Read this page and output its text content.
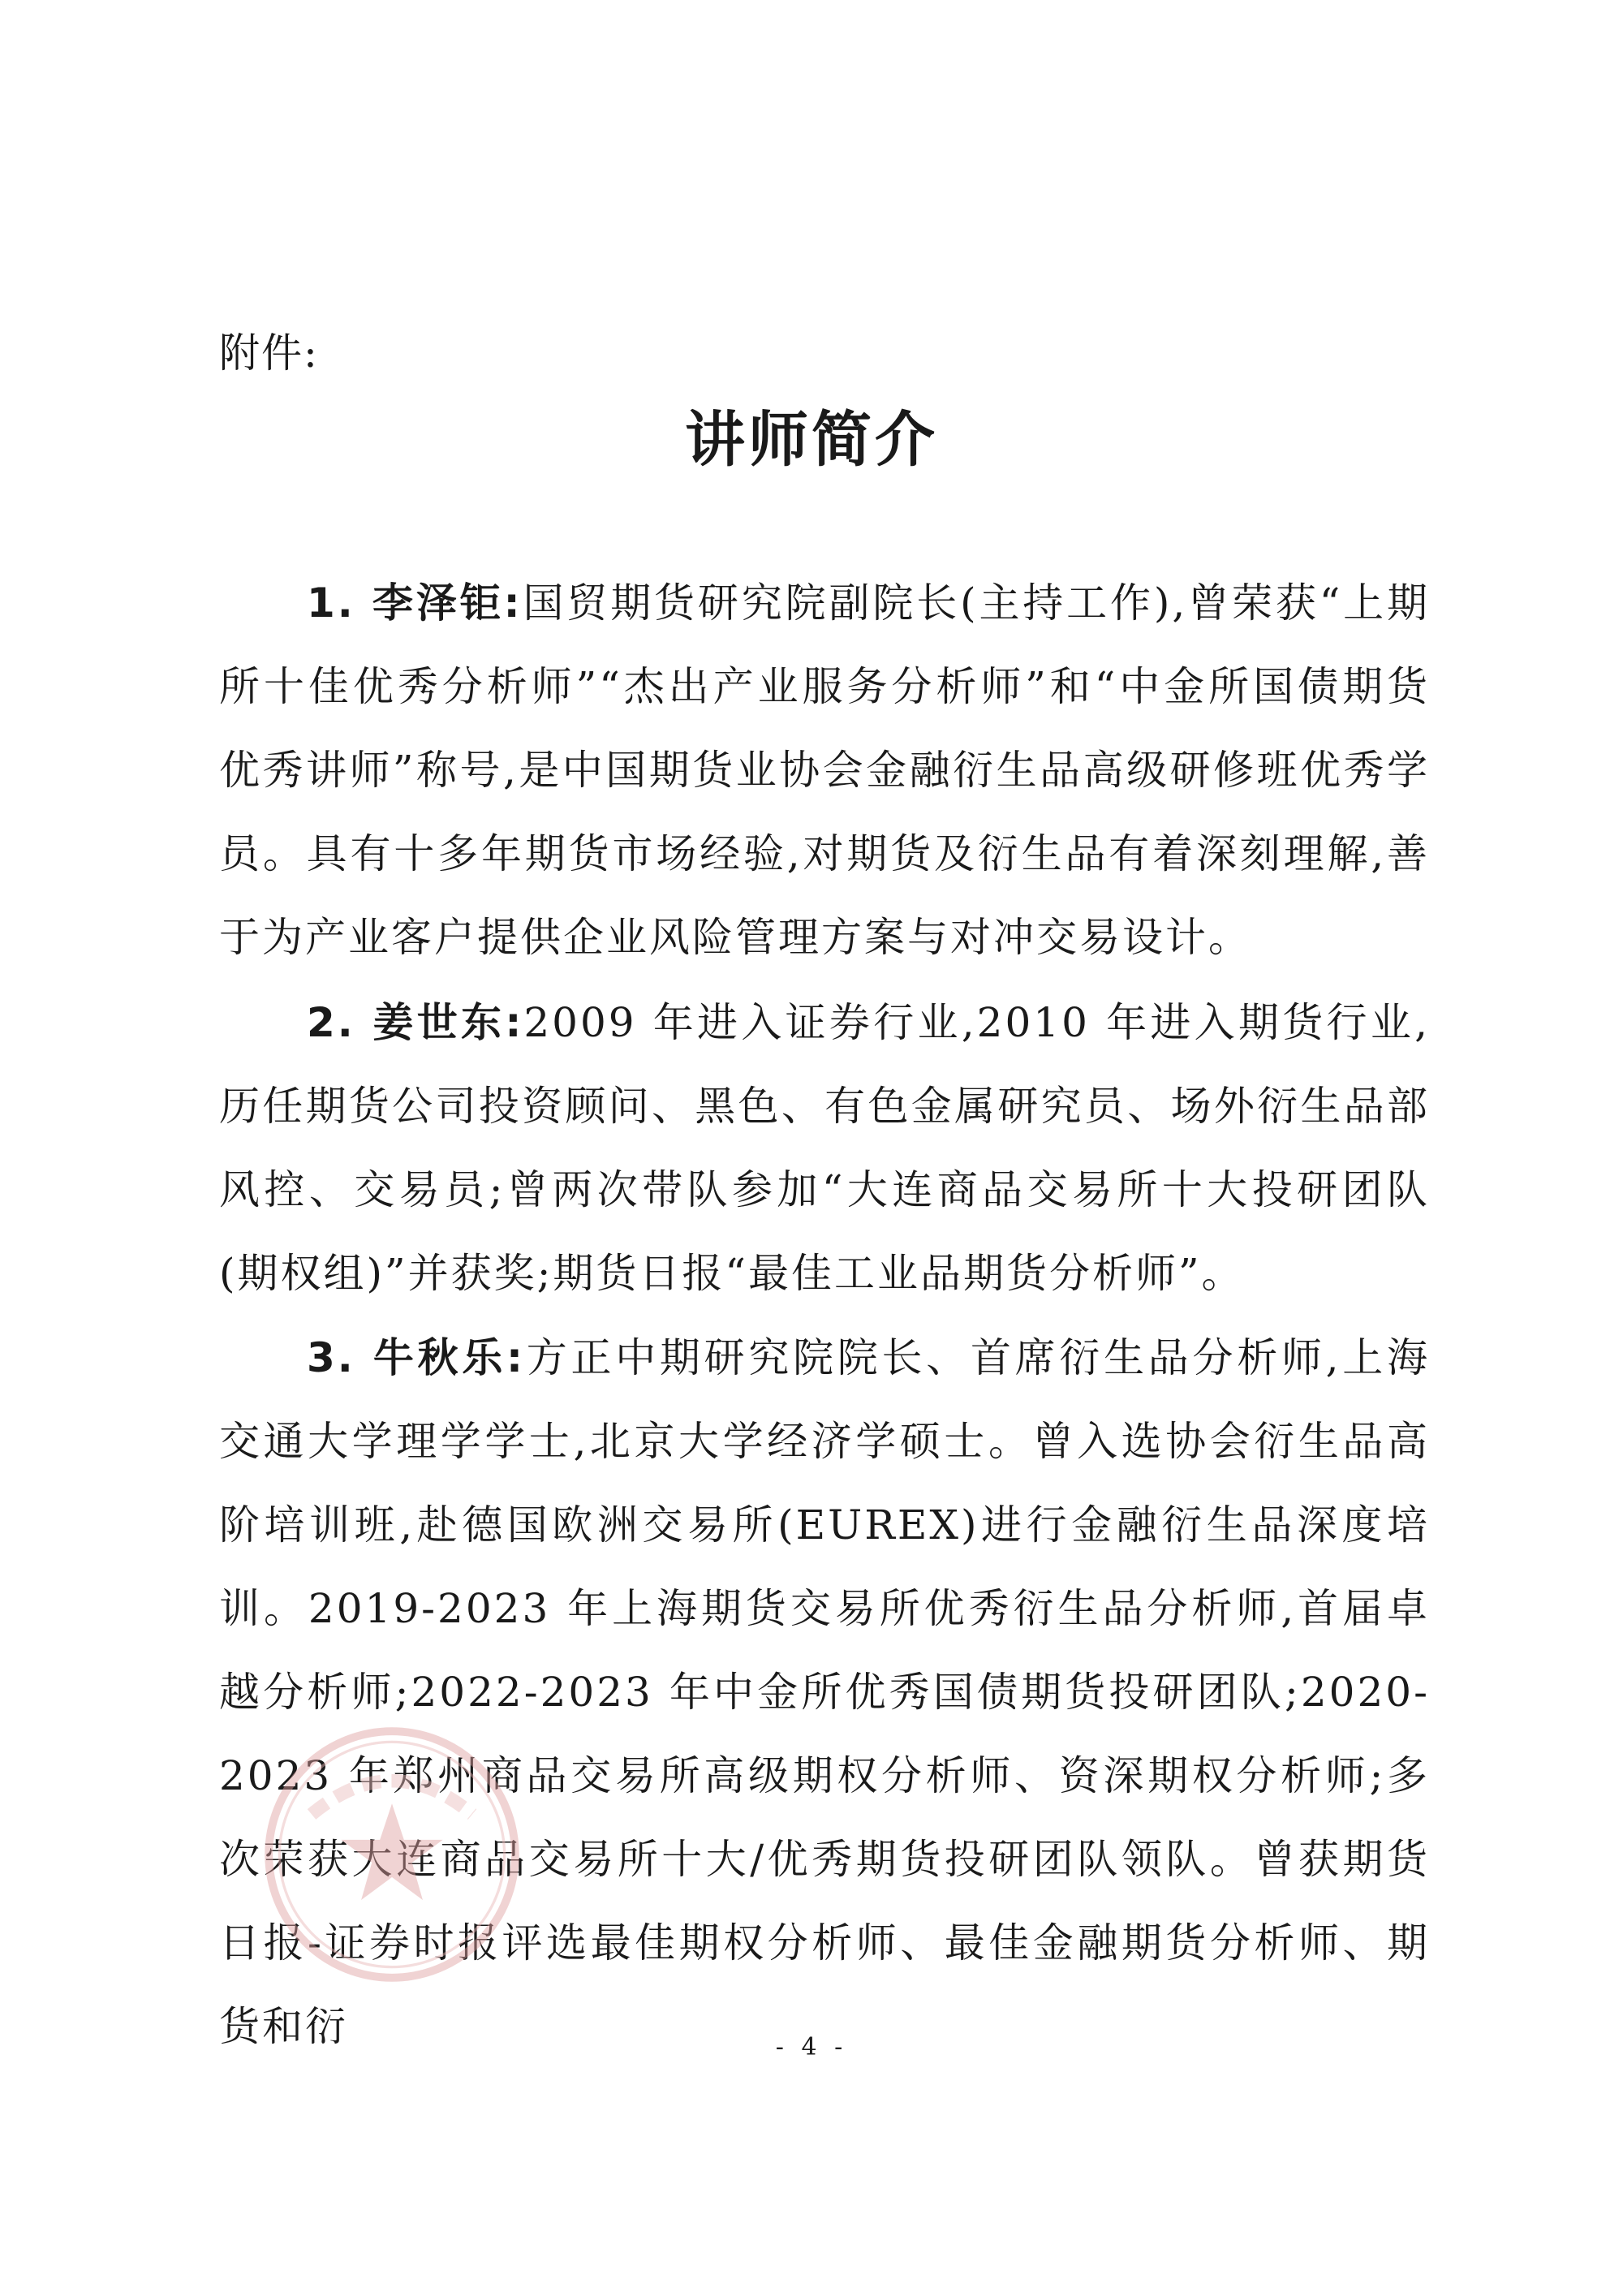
附件:
讲师简介

1. 李泽钜:国贸期货研究院副院长(主持工作),曾荣获“上期所十佳优秀分析师”“杰出产业服务分析师”和“中金所国债期货优秀讲师”称号,是中国期货业协会金融衍生品高级研修班优秀学员。具有十多年期货市场经验,对期货及衍生品有着深刻理解,善于为产业客户提供企业风险管理方案与对冲交易设计。

2. 姜世东:2009 年进入证券行业,2010 年进入期货行业,历任期货公司投资顾问、黑色、有色金属研究员、场外衍生品部风控、交易员;曾两次带队参加“大连商品交易所十大投研团队(期权组)”并获奖;期货日报“最佳工业品期货分析师”。

3. 牛秋乐:方正中期研究院院长、首席衍生品分析师,上海交通大学理学学士,北京大学经济学硕士。曾入选协会衍生品高阶培训班,赴德国欧洲交易所(EUREX)进行金融衍生品深度培训。2019-2023 年上海期货交易所优秀衍生品分析师,首届卓越分析师;2022-2023 年中金所优秀国债期货投研团队;2020-2023 年郑州商品交易所高级期权分析师、资深期权分析师;多次荣获大连商品交易所十大/优秀期货投研团队领队。曾获期货日报-证券时报评选最佳期权分析师、最佳金融期货分析师、期货和衍	- 4 -
